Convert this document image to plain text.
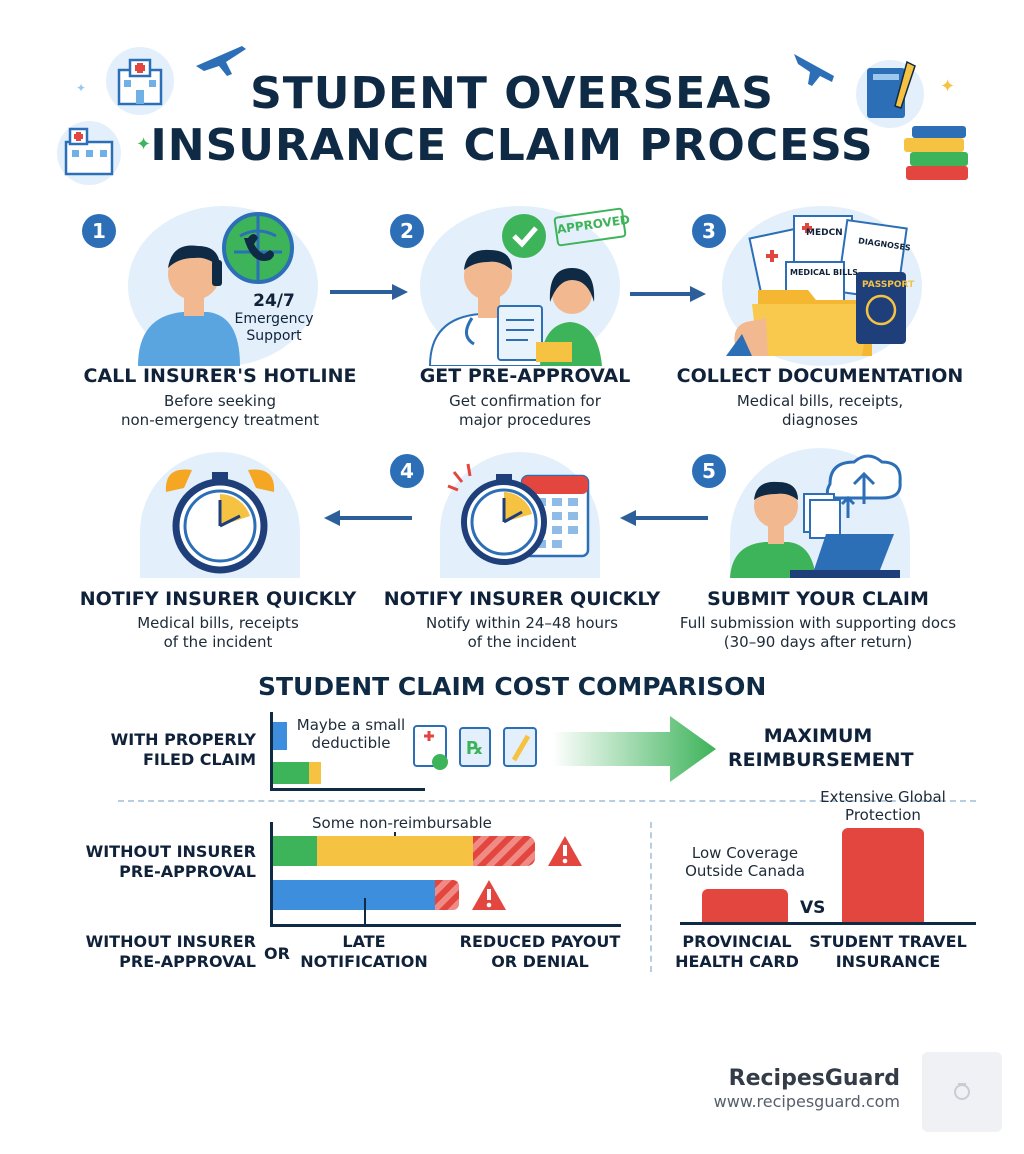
✦
✦
✦	STUDENT OVERSEAS
INSURANCE CLAIM PROCESS
1
24/7
Emergency
Support
CALL INSURER'S HOTLINE
Before seeking
non-emergency treatment
2	APPROVED
GET PRE-APPROVAL
Get confirmation for
major procedures
3	MEDCN
DIAGNOSES
MEDICAL BILLS
PASSPORT
COLLECT DOCUMENTATION
Medical bills, receipts,
diagnoses
5
SUBMIT YOUR CLAIM
Full submission with supporting docs
(30–90 days after return)
4
NOTIFY INSURER QUICKLY
Notify within 24–48 hours
of the incident
NOTIFY INSURER QUICKLY
Medical bills, receipts
of the incident
STUDENT CLAIM COST COMPARISON
WITH PROPERLY
FILED CLAIM
Maybe a small
deductible	℞
MAXIMUM
REIMBURSEMENT
WITHOUT INSURER
PRE-APPROVAL
Some non-reimbursable
WITHOUT INSURER
PRE-APPROVAL OR
LATE
NOTIFICATION
REDUCED PAYOUT
OR DENIAL
Low Coverage
Outside Canada
Extensive Global
Protection
VS
PROVINCIAL
HEALTH CARD
STUDENT TRAVEL
INSURANCE
RecipesGuard
www.recipesguard.com
